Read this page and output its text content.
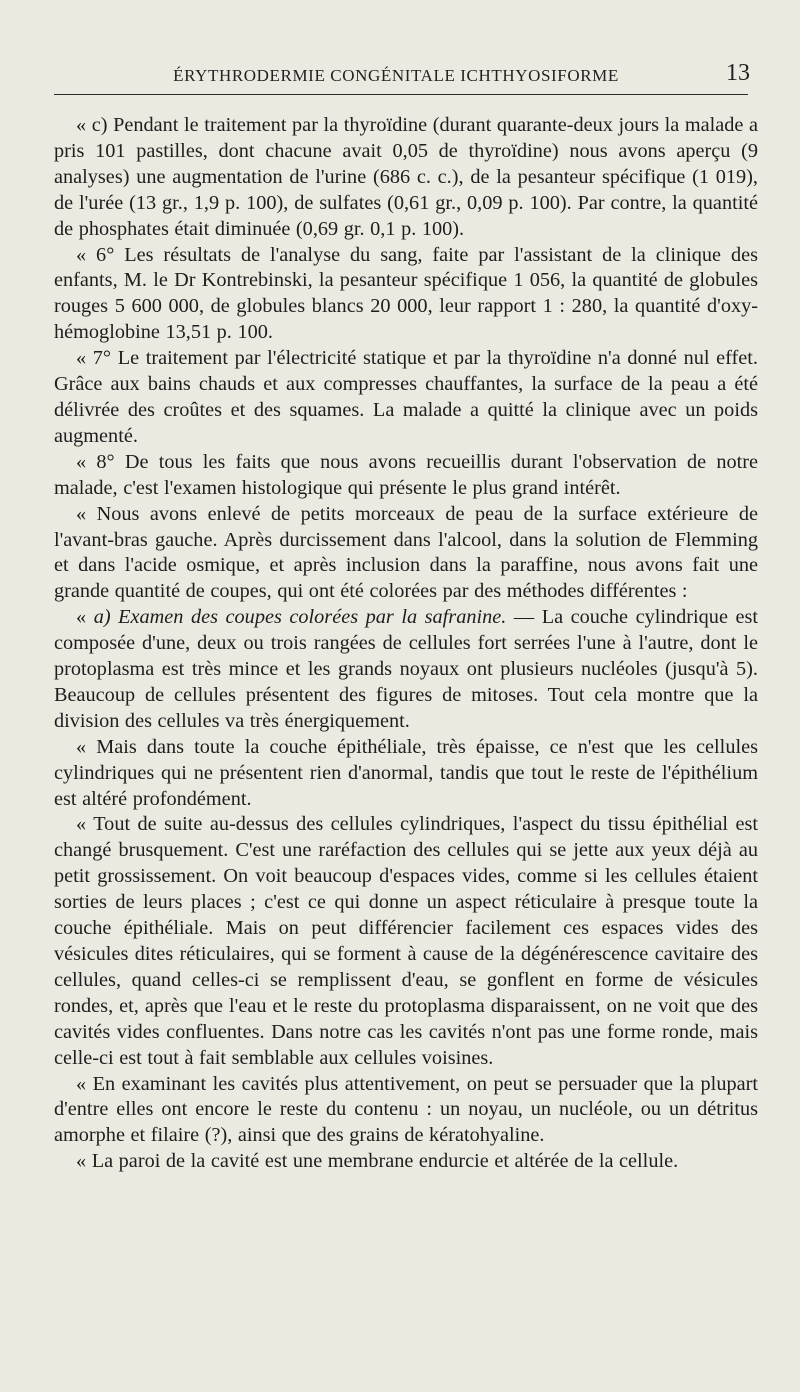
ÉRYTHRODERMIE CONGÉNITALE ICHTHYOSIFORME	13

« c) Pendant le traitement par la thyroïdine (durant quarante-deux jours la malade a pris 101 pastilles, dont chacune avait 0,05 de thyroïdine) nous avons aperçu (9 analyses) une augmentation de l'urine (686 c. c.), de la pesanteur spécifique (1 019), de l'urée (13 gr., 1,9 p. 100), de sulfates (0,61 gr., 0,09 p. 100). Par contre, la quantité de phosphates était diminuée (0,69 gr. 0,1 p. 100).

« 6° Les résultats de l'analyse du sang, faite par l'assistant de la clinique des enfants, M. le Dr Kontrebinski, la pesanteur spécifique 1 056, la quantité de globules rouges 5 600 000, de globules blancs 20 000, leur rapport 1 : 280, la quantité d'oxy-hémoglobine 13,51 p. 100.

« 7° Le traitement par l'électricité statique et par la thyroïdine n'a donné nul effet. Grâce aux bains chauds et aux compresses chauffantes, la surface de la peau a été délivrée des croûtes et des squames. La malade a quitté la clinique avec un poids augmenté.

« 8° De tous les faits que nous avons recueillis durant l'observation de notre malade, c'est l'examen histologique qui présente le plus grand intérêt.

« Nous avons enlevé de petits morceaux de peau de la surface extérieure de l'avant-bras gauche. Après durcissement dans l'alcool, dans la solution de Flemming et dans l'acide osmique, et après inclusion dans la paraffine, nous avons fait une grande quantité de coupes, qui ont été colorées par des méthodes différentes :

« a) Examen des coupes colorées par la safranine. — La couche cylindrique est composée d'une, deux ou trois rangées de cellules fort serrées l'une à l'autre, dont le protoplasma est très mince et les grands noyaux ont plusieurs nucléoles (jusqu'à 5). Beaucoup de cellules présentent des figures de mitoses. Tout cela montre que la division des cellules va très énergiquement.

« Mais dans toute la couche épithéliale, très épaisse, ce n'est que les cellules cylindriques qui ne présentent rien d'anormal, tandis que tout le reste de l'épithélium est altéré profondément.

« Tout de suite au-dessus des cellules cylindriques, l'aspect du tissu épithélial est changé brusquement. C'est une raréfaction des cellules qui se jette aux yeux déjà au petit grossissement. On voit beaucoup d'espaces vides, comme si les cellules étaient sorties de leurs places ; c'est ce qui donne un aspect réticulaire à presque toute la couche épithéliale. Mais on peut différencier facilement ces espaces vides des vésicules dites réticulaires, qui se forment à cause de la dégénérescence cavitaire des cellules, quand celles-ci se remplissent d'eau, se gonflent en forme de vésicules rondes, et, après que l'eau et le reste du protoplasma disparaissent, on ne voit que des cavités vides confluentes. Dans notre cas les cavités n'ont pas une forme ronde, mais celle-ci est tout à fait semblable aux cellules voisines.

« En examinant les cavités plus attentivement, on peut se persuader que la plupart d'entre elles ont encore le reste du contenu : un noyau, un nucléole, ou un détritus amorphe et filaire (?), ainsi que des grains de kératohyaline.

« La paroi de la cavité est une membrane endurcie et altérée de la cellule.
